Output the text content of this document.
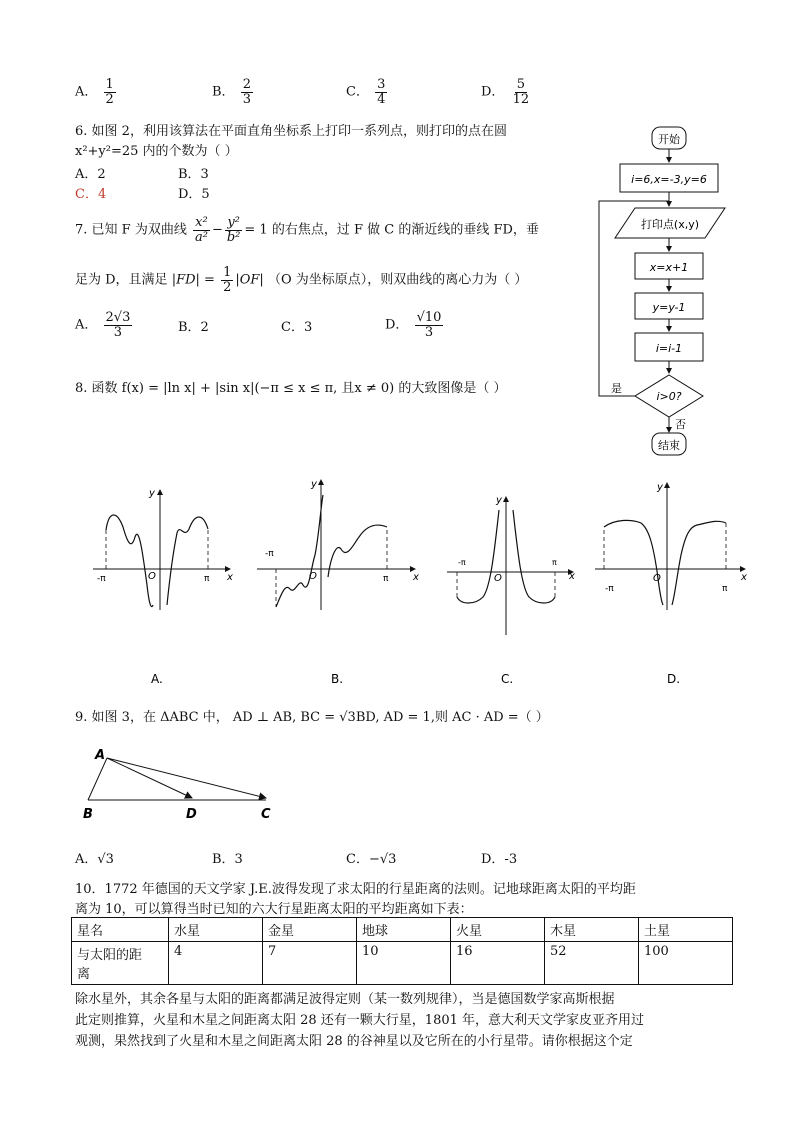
A． $\frac{1}{2}$	B． $\frac{2}{3}$	C． $\frac{3}{4}$	D． $\frac{5}{12}$
6. 如图 2，利用该算法在平面直角坐标系上打印一系列点，则打印的点在圆
x²+y²=25 内的个数为（ ）
A．2	B．3
C．4	D．5
开始
i=6,x=-3,y=6
打印点(x,y)
x=x+1
y=y-1
i=i-1
i>0?
是
否
结束
7. 已知 F 为双曲线 $\frac{\text{x²}}{\text{a²}} - \frac{\text{y²}}{\text{b²}} = 1$ 的右焦点，过 F 做 C 的渐近线的垂线 FD，垂
足为 D，且满足 $|FD| = \frac{1}{2} |OF|$ （O 为坐标原点），则双曲线的离心力为（ ）
A． $\frac{2√3}{3}$	B．2	C．3	D． $\frac{√10}{3}$
8. 函数 f(x) = |ln x| + |sin x|(−π ≤ x ≤ π, 且x ≠ 0) 的大致图像是（ ）
y
x
O
-π	π
A.
y
x
O
-π
π
B.
y
x
O
-π	π
C.
y
x
O
-π	π
D.
9. 如图 3，在 ΔABC 中， AD ⊥ AB, BC = √3BD, AD = 1,则 AC · AD =（ ）
A
B	D	C
A．√3	B．3	C．−√3	D．-3
10．1772 年德国的天文学家 J.E.波得发现了求太阳的行星距离的法则。记地球距离太阳的平均距
离为 10，可以算得当时已知的六大行星距离太阳的平均距离如下表：
星名	水星	金星	地球	火星	木星	土星
与太阳的距
离	4	7	10	16	52	100
除水星外，其余各星与太阳的距离都满足波得定则（某一数列规律），当是德国数学家高斯根据
此定则推算，火星和木星之间距离太阳 28 还有一颗大行星，1801 年，意大利天文学家皮亚齐用过
观测，果然找到了火星和木星之间距离太阳 28 的谷神星以及它所在的小行星带。请你根据这个定
